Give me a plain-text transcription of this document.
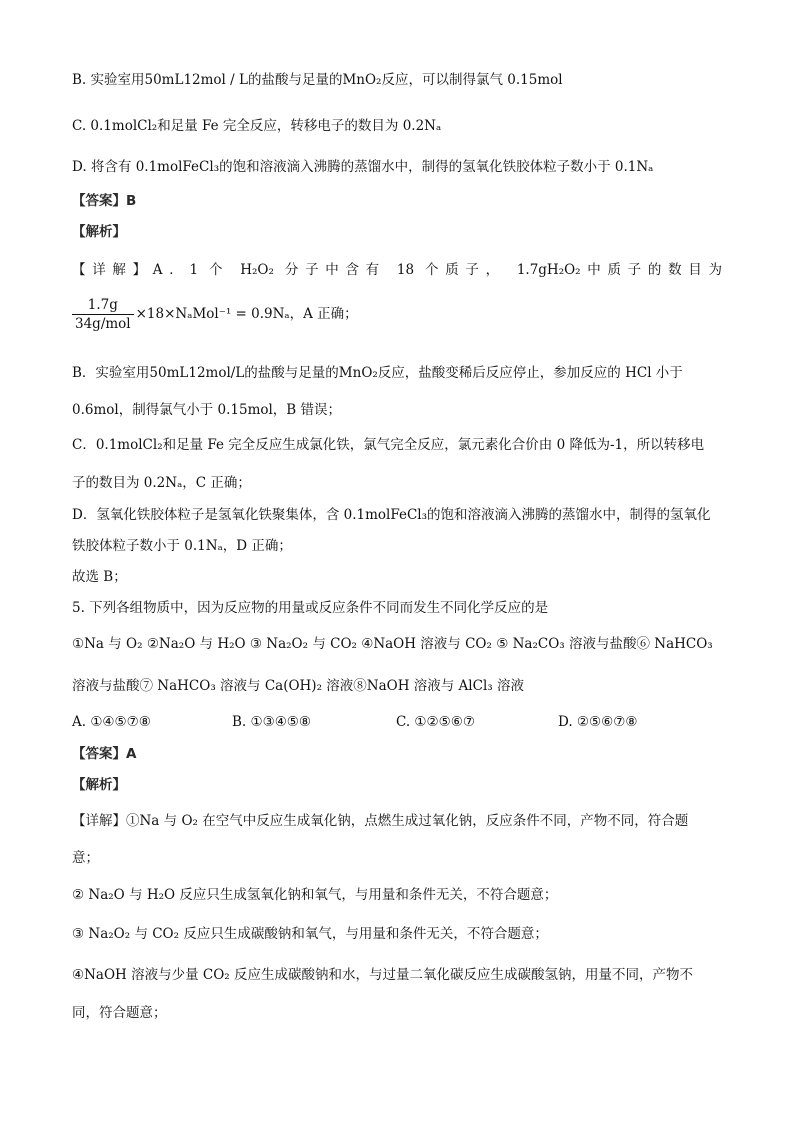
B. 实验室用50mL12mol / L的盐酸与足量的MnO₂反应，可以制得氯气 0.15mol
C. 0.1molCl₂和足量 Fe 完全反应，转移电子的数目为 0.2Nₐ
D. 将含有 0.1molFeCl₃的饱和溶液滴入沸腾的蒸馏水中，制得的氢氧化铁胶体粒子数小于 0.1Nₐ
【答案】B
【解析】
【详解】A．1 个 H₂O₂ 分子中含有 18 个质子， 1.7gH₂O₂中质子的数目为
$\frac{1.7g}{\text{34g/mol}} \times 18\times N_aMol^{-1} = 0.9N_a$，A 正确；
B．实验室用50mL12mol/L的盐酸与足量的MnO₂反应，盐酸变稀后反应停止，参加反应的 HCl 小于
0.6mol，制得氯气小于 0.15mol，B 错误；
C．0.1molCl₂和足量 Fe 完全反应生成氯化铁，氯气完全反应，氯元素化合价由 0 降低为-1，所以转移电
子的数目为 0.2Nₐ，C 正确；
D．氢氧化铁胶体粒子是氢氧化铁聚集体，含 0.1molFeCl₃的饱和溶液滴入沸腾的蒸馏水中，制得的氢氧化
铁胶体粒子数小于 0.1Nₐ，D 正确；
故选 B；
5. 下列各组物质中，因为反应物的用量或反应条件不同而发生不同化学反应的是
①Na 与 O₂ ②Na₂O 与 H₂O ③ Na₂O₂ 与 CO₂ ④NaOH 溶液与 CO₂ ⑤ Na₂CO₃ 溶液与盐酸⑥ NaHCO₃
溶液与盐酸⑦ NaHCO₃ 溶液与 Ca(OH)₂ 溶液⑧NaOH 溶液与 AlCl₃ 溶液
A. ①④⑤⑦⑧	B. ①③④⑤⑧	C. ①②⑤⑥⑦	D. ②⑤⑥⑦⑧
【答案】A
【解析】
【详解】①Na 与 O₂ 在空气中反应生成氧化钠，点燃生成过氧化钠，反应条件不同，产物不同，符合题
意；
② Na₂O 与 H₂O 反应只生成氢氧化钠和氧气，与用量和条件无关，不符合题意；
③ Na₂O₂ 与 CO₂ 反应只生成碳酸钠和氧气，与用量和条件无关，不符合题意；
④NaOH 溶液与少量 CO₂ 反应生成碳酸钠和水，与过量二氧化碳反应生成碳酸氢钠，用量不同，产物不
同，符合题意；
